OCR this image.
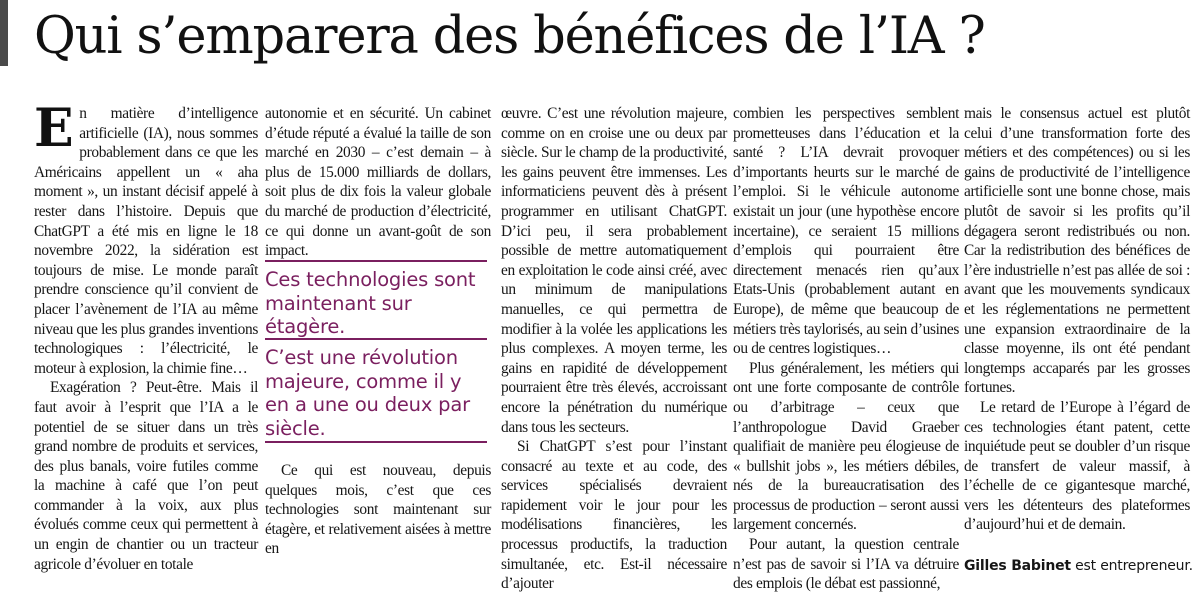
Qui s’emparera des bénéfices de l’IA ?

En matière d’intelligence artificielle (IA), nous sommes probablement dans ce que les Américains appellent un « aha moment », un instant décisif appelé à rester dans l’histoire. Depuis que ChatGPT a été mis en ligne le 18 novembre 2022, la sidération est toujours de mise. Le monde paraît prendre conscience qu’il convient de placer l’avènement de l’IA au même niveau que les plus grandes inventions technologiques : l’électricité, le moteur à explosion, la chimie fine…

Exagération ? Peut-être. Mais il faut avoir à l’esprit que l’IA a le potentiel de se situer dans un très grand nombre de produits et services, des plus banals, voire futiles comme la machine à café que l’on peut commander à la voix, aux plus évolués comme ceux qui permettent à un engin de chantier ou un tracteur agricole d’évoluer en totale

autonomie et en sécurité. Un cabinet d’étude réputé a évalué la taille de son marché en 2030 – c’est demain – à plus de 15.000 milliards de dollars, soit plus de dix fois la valeur globale du marché de production d’électricité, ce qui donne un avant-goût de son impact.

Ces technologies sont maintenant sur étagère.
C’est une révolution majeure, comme il y en a une ou deux par siècle.

Ce qui est nouveau, depuis quelques mois, c’est que ces technologies sont maintenant sur étagère, et relativement aisées à mettre en

œuvre. C’est une révolution majeure, comme on en croise une ou deux par siècle. Sur le champ de la productivité, les gains peuvent être immenses. Les informaticiens peuvent dès à présent programmer en utilisant ChatGPT. D’ici peu, il sera probablement possible de mettre automatiquement en exploitation le code ainsi créé, avec un minimum de manipulations manuelles, ce qui permettra de modifier à la volée les applications les plus complexes. A moyen terme, les gains en rapidité de développement pourraient être très élevés, accroissant encore la pénétration du numérique dans tous les secteurs.

Si ChatGPT s’est pour l’instant consacré au texte et au code, des services spécialisés devraient rapidement voir le jour pour les modélisations financières, les processus productifs, la traduction simultanée, etc. Est-il nécessaire d’ajouter

combien les perspectives semblent prometteuses dans l’éducation et la santé ? L’IA devrait provoquer d’importants heurts sur le marché de l’emploi. Si le véhicule autonome existait un jour (une hypothèse encore incertaine), ce seraient 15 millions d’emplois qui pourraient être directement menacés rien qu’aux Etats-Unis (probablement autant en Europe), de même que beaucoup de métiers très taylorisés, au sein d’usines ou de centres logistiques…

Plus généralement, les métiers qui ont une forte composante de contrôle ou d’arbitrage – ceux que l’anthropologue David Graeber qualifiait de manière peu élogieuse de « bullshit jobs », les métiers débiles, nés de la bureaucratisation des processus de production – seront aussi largement concernés.

Pour autant, la question centrale n’est pas de savoir si l’IA va détruire des emplois (le débat est passionné,

mais le consensus actuel est plutôt celui d’une transformation forte des métiers et des compétences) ou si les gains de productivité de l’intelligence artificielle sont une bonne chose, mais plutôt de savoir si les profits qu’il dégagera seront redistribués ou non. Car la redistribution des bénéfices de l’ère industrielle n’est pas allée de soi : avant que les mouvements syndicaux et les réglementations ne permettent une expansion extraordinaire de la classe moyenne, ils ont été pendant longtemps accaparés par les grosses fortunes.

Le retard de l’Europe à l’égard de ces technologies étant patent, cette inquiétude peut se doubler d’un risque de transfert de valeur massif, à l’échelle de ce gigantesque marché, vers les détenteurs des plateformes d’aujourd’hui et de demain.

Gilles Babinet est entrepreneur.
